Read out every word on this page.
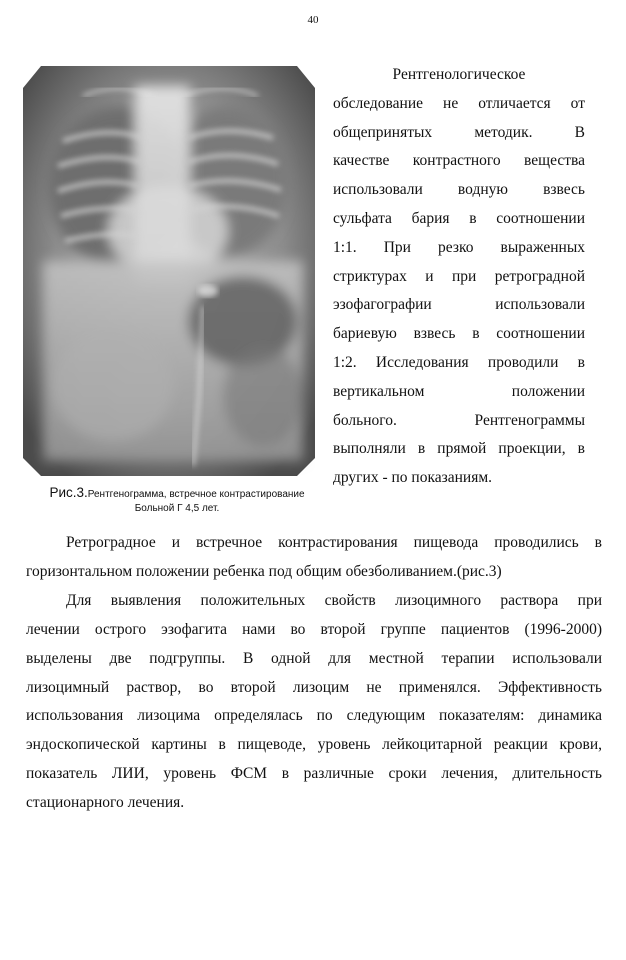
40
Рис.3.Рентгенограмма, встречное контрастирование
Больной Г 4,5 лет.
Рентгенологическое
обследование не отличается от
общепринятых методик. В
качестве контрастного вещества
использовали водную взвесь
сульфата бария в соотношении
1:1. При резко выраженных
стриктурах и при ретроградной
эзофагографии использовали
бариевую взвесь в соотношении
1:2. Исследования проводили в
вертикальном положении
больного. Рентгенограммы
выполняли в прямой проекции, в
других - по показаниям.
Ретроградное и встречное контрастирования пищевода проводились в
горизонтальном положении ребенка под общим обезболиванием.(рис.3)
Для выявления положительных свойств лизоцимного раствора при
лечении острого эзофагита нами во второй группе пациентов (1996-2000)
выделены две подгруппы. В одной для местной терапии использовали
лизоцимный раствор, во второй лизоцим не применялся. Эффективность
использования лизоцима определялась по следующим показателям: динамика
эндоскопической картины в пищеводе, уровень лейкоцитарной реакции крови,
показатель ЛИИ, уровень ФСМ в различные сроки лечения, длительность
стационарного лечения.
